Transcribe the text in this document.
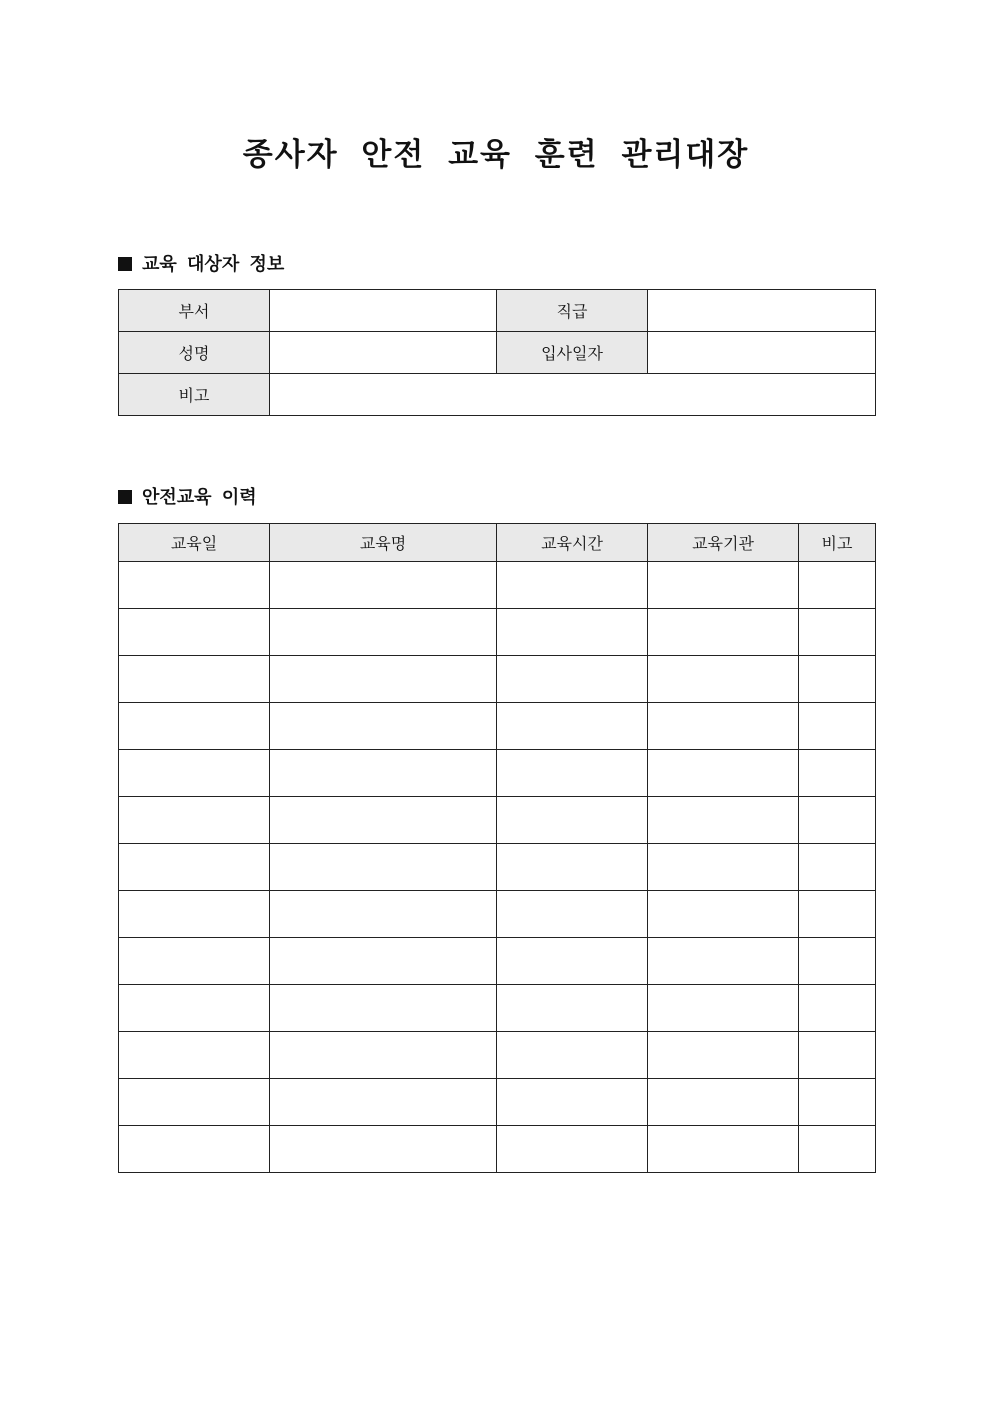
종사자 안전 교육 훈련 관리대장
교육 대상자 정보
부서		직급	
성명		입사일자	
비고			
안전교육 이력
교육일	교육명	교육시간	교육기관	비고
